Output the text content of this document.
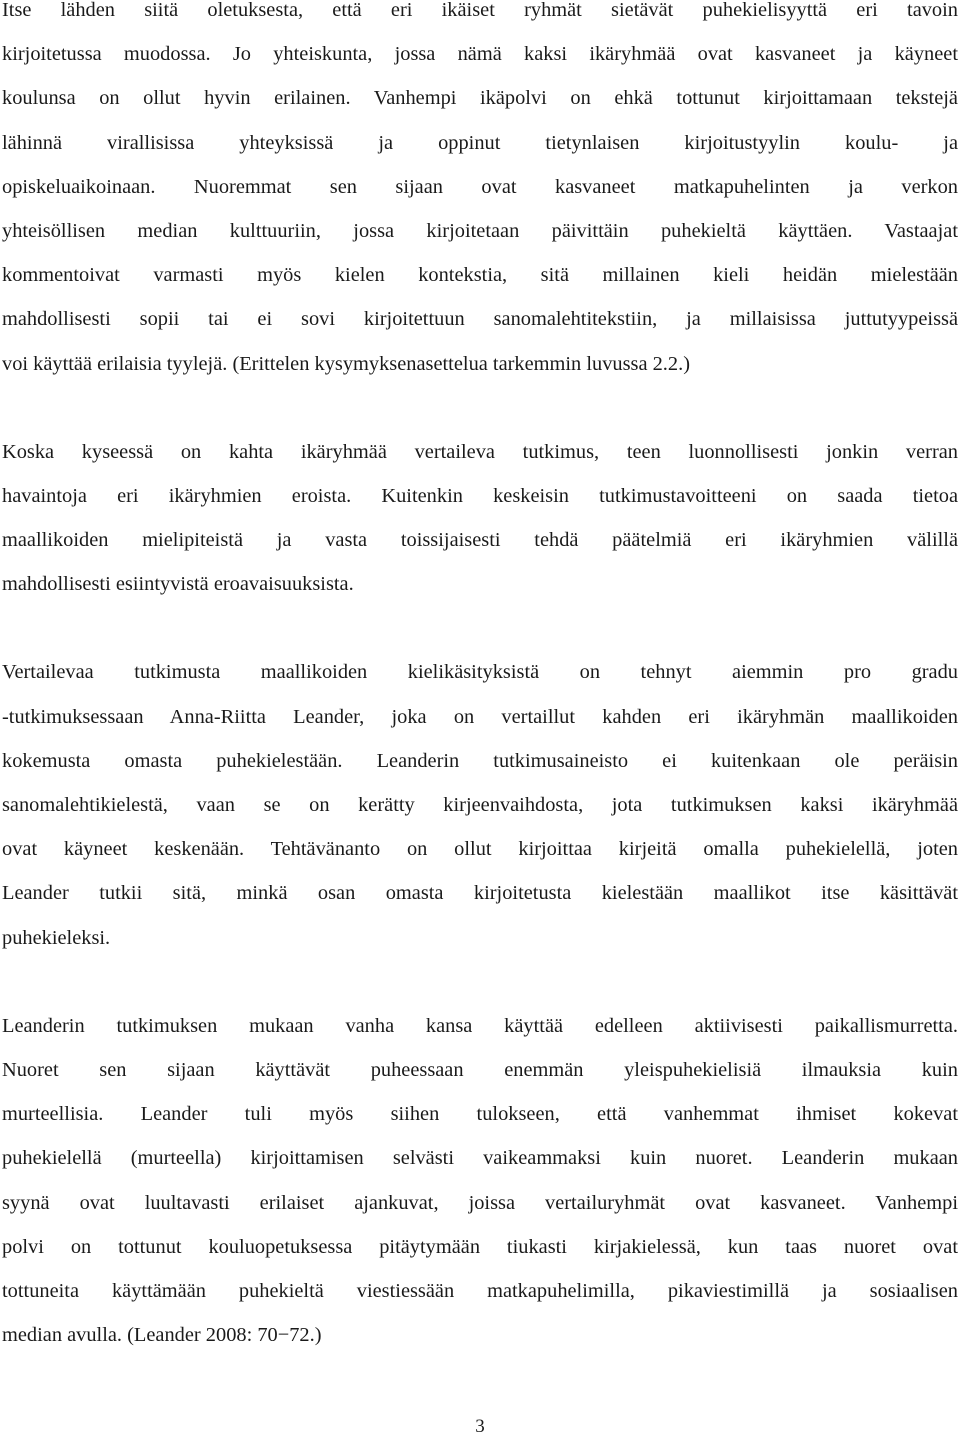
Itse lähden siitä oletuksesta, että eri ikäiset ryhmät sietävät puhekielisyyttä eri tavoin
kirjoitetussa muodossa. Jo yhteiskunta, jossa nämä kaksi ikäryhmää ovat kasvaneet ja käyneet
koulunsa on ollut hyvin erilainen. Vanhempi ikäpolvi on ehkä tottunut kirjoittamaan tekstejä
lähinnä virallisissa yhteyksissä ja oppinut tietynlaisen kirjoitustyylin koulu- ja
opiskeluaikoinaan. Nuoremmat sen sijaan ovat kasvaneet matkapuhelinten ja verkon
yhteisöllisen median kulttuuriin, jossa kirjoitetaan päivittäin puhekieltä käyttäen. Vastaajat
kommentoivat varmasti myös kielen kontekstia, sitä millainen kieli heidän mielestään
mahdollisesti sopii tai ei sovi kirjoitettuun sanomalehtitekstiin, ja millaisissa juttutyypeissä
voi käyttää erilaisia tyylejä. (Erittelen kysymyksenasettelua tarkemmin luvussa 2.2.)
Koska kyseessä on kahta ikäryhmää vertaileva tutkimus, teen luonnollisesti jonkin verran
havaintoja eri ikäryhmien eroista. Kuitenkin keskeisin tutkimustavoitteeni on saada tietoa
maallikoiden mielipiteistä ja vasta toissijaisesti tehdä päätelmiä eri ikäryhmien välillä
mahdollisesti esiintyvistä eroavaisuuksista.
Vertailevaa tutkimusta maallikoiden kielikäsityksistä on tehnyt aiemmin pro gradu
-tutkimuksessaan Anna-Riitta Leander, joka on vertaillut kahden eri ikäryhmän maallikoiden
kokemusta omasta puhekielestään. Leanderin tutkimusaineisto ei kuitenkaan ole peräisin
sanomalehtikielestä, vaan se on kerätty kirjeenvaihdosta, jota tutkimuksen kaksi ikäryhmää
ovat käyneet keskenään. Tehtävänanto on ollut kirjoittaa kirjeitä omalla puhekielellä, joten
Leander tutkii sitä, minkä osan omasta kirjoitetusta kielestään maallikot itse käsittävät
puhekieleksi.
Leanderin tutkimuksen mukaan vanha kansa käyttää edelleen aktiivisesti paikallismurretta.
Nuoret sen sijaan käyttävät puheessaan enemmän yleispuhekielisiä ilmauksia kuin
murteellisia. Leander tuli myös siihen tulokseen, että vanhemmat ihmiset kokevat
puhekielellä (murteella) kirjoittamisen selvästi vaikeammaksi kuin nuoret. Leanderin mukaan
syynä ovat luultavasti erilaiset ajankuvat, joissa vertailuryhmät ovat kasvaneet. Vanhempi
polvi on tottunut kouluopetuksessa pitäytymään tiukasti kirjakielessä, kun taas nuoret ovat
tottuneita käyttämään puhekieltä viestiessään matkapuhelimilla, pikaviestimillä ja sosiaalisen
median avulla. (Leander 2008: 70−72.)
3
